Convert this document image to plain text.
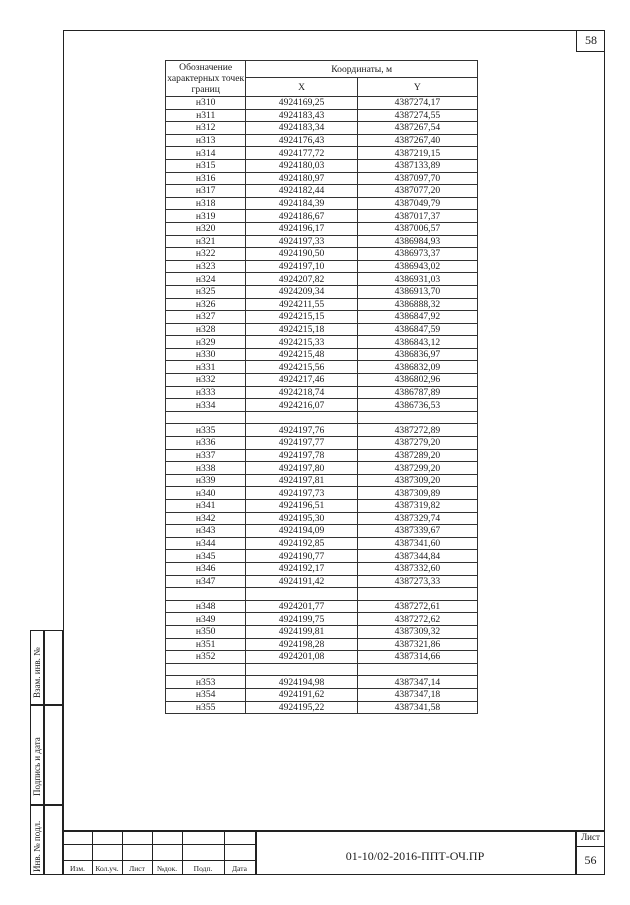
58
Обозначение характерных точек границ	Координаты, м	
	X	Y
н310	4924169,25	4387274,17
н311	4924183,43	4387274,55
н312	4924183,34	4387267,54
н313	4924176,43	4387267,40
н314	4924177,72	4387219,15
н315	4924180,03	4387133,89
н316	4924180,97	4387097,70
н317	4924182,44	4387077,20
н318	4924184,39	4387049,79
н319	4924186,67	4387017,37
н320	4924196,17	4387006,57
н321	4924197,33	4386984,93
н322	4924190,50	4386973,37
н323	4924197,10	4386943,02
н324	4924207,82	4386931,03
н325	4924209,34	4386913,70
н326	4924211,55	4386888,32
н327	4924215,15	4386847,92
н328	4924215,18	4386847,59
н329	4924215,33	4386843,12
н330	4924215,48	4386836,97
н331	4924215,56	4386832,09
н332	4924217,46	4386802,96
н333	4924218,74	4386787,89
н334	4924216,07	4386736,53

н335	4924197,76	4387272,89
н336	4924197,77	4387279,20
н337	4924197,78	4387289,20
н338	4924197,80	4387299,20
н339	4924197,81	4387309,20
н340	4924197,73	4387309,89
н341	4924196,51	4387319,82
н342	4924195,30	4387329,74
н343	4924194,09	4387339,67
н344	4924192,85	4387341,60
н345	4924190,77	4387344,84
н346	4924192,17	4387332,60
н347	4924191,42	4387273,33

н348	4924201,77	4387272,61
н349	4924199,75	4387272,62
н350	4924199,81	4387309,32
н351	4924198,28	4387321,86
н352	4924201,08	4387314,66

н353	4924194,98	4387347,14
н354	4924191,62	4387347,18
н355	4924195,22	4387341,58
Взам. инв. №
Подпись и дата
Инв. № подл.	Изм.	Кол.уч.	Лист	№док.	Подп.	Дата
01-10/02-2016-ППТ-ОЧ.ПР
Лист
56
